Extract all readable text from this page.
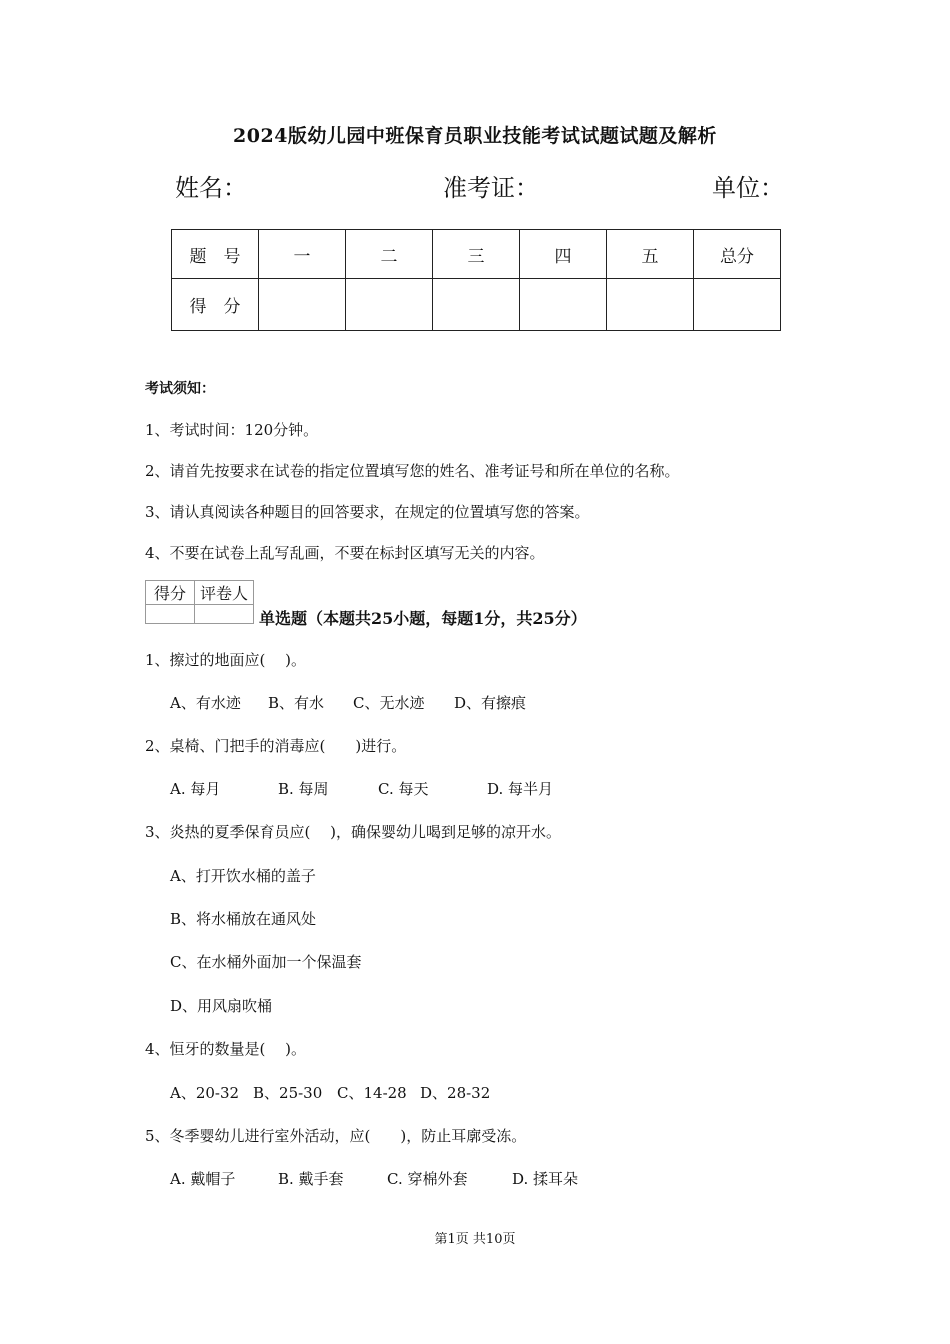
2024版幼儿园中班保育员职业技能考试试题试题及解析
姓名：	准考证：	单位：
题　号	一	二	三	四	五	总分
得　分						
考试须知：
1、考试时间：120分钟。
2、请首先按要求在试卷的指定位置填写您的姓名、准考证号和所在单位的名称。
3、请认真阅读各种题目的回答要求，在规定的位置填写您的答案。
4、不要在试卷上乱写乱画，不要在标封区填写无关的内容。
得分	评卷人

单选题（本题共25小题，每题1分，共25分）
1、擦过的地面应(　 )。
A、有水迹 B、有水 C、无水迹 D、有擦痕
2、桌椅、门把手的消毒应(　　)进行。
A. 每月	B. 每周	C. 每天	D. 每半月
3、炎热的夏季保育员应(　 )，确保婴幼儿喝到足够的凉开水。
A、打开饮水桶的盖子
B、将水桶放在通风处
C、在水桶外面加一个保温套
D、用风扇吹桶
4、恒牙的数量是(　 )。
A、20-32 B、25-30 C、14-28 D、28-32
5、冬季婴幼儿进行室外活动，应(　　)，防止耳廓受冻。
A. 戴帽子	B. 戴手套	C. 穿棉外套	D. 揉耳朵
第1页 共10页
